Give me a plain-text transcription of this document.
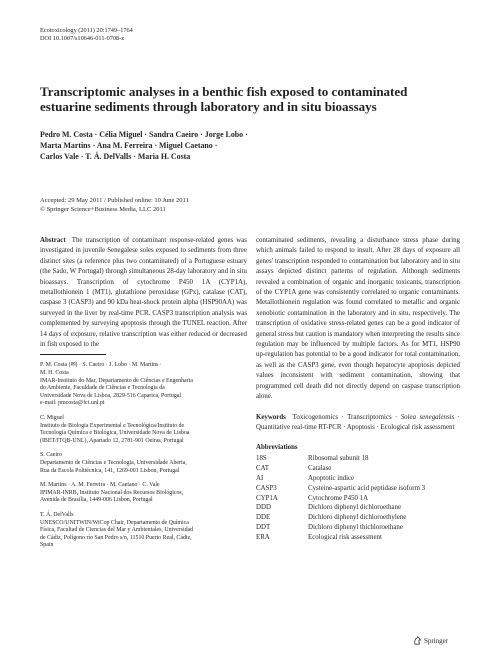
Ecotoxicology (2011) 20:1749–1764
DOI 10.1007/s10646-011-0708-z
Transcriptomic analyses in a benthic fish exposed to contaminated
estuarine sediments through laboratory and in situ bioassays
Pedro M. Costa · Célia Miguel · Sandra Caeiro · Jorge Lobo ·
Marta Martins · Ana M. Ferreira · Miguel Caetano ·
Carlos Vale · T. Á. DelValls · Maria H. Costa
Accepted: 29 May 2011 / Published online: 10 June 2011
© Springer Science+Business Media, LLC 2011

Abstract The transcription of contaminant response-related genes was investigated in juvenile Senegalese soles exposed to sediments from three distinct sites (a reference plus two contaminated) of a Portuguese estuary (the Sado, W Portugal) through simultaneous 28-day laboratory and in situ bioassays. Transcription of cytochrome P450 1A (CYP1A), metallothionein 1 (MT1), glutathione peroxidase (GPx), catalase (CAT), caspase 3 (CASP3) and 90 kDa heat-shock protein alpha (HSP90AA) was surveyed in the liver by real-time PCR. CASP3 transcription analysis was complemented by surveying apoptosis through the TUNEL reaction. After 14 days of exposure, relative transcription was either reduced or decreased in fish exposed to the

P. M. Costa (✉) · S. Caeiro · J. Lobo · M. Martins ·
M. H. Costa
IMAR-Instituto do Mar, Departamento de Ciências e Engenharia
do Ambiente, Faculdade de Ciências e Tecnologia da
Universidade Nova de Lisboa, 2829-516 Caparica, Portugal
e-mail: pmcosta@fct.unl.pt
C. Miguel
Instituto de Biologia Experimental e Tecnológica/Instituto de
Tecnologia Química e Biológica, Universidade Nova de Lisboa
(IBET/ITQB-UNL), Apartado 12, 2781-901 Oeiras, Portugal
S. Caeiro
Departamento de Ciências e Tecnologia, Universidade Aberta,
Rua da Escola Politécnica, 141, 1269-001 Lisbon, Portugal
M. Martins · A. M. Ferreira · M. Caetano · C. Vale
IPIMAR-INRB, Instituto Nacional dos Recursos Biológicos,
Avenida de Brasília, 1449-006 Lisbon, Portugal
T. Á. DelValls
UNESCO/UNITWIN/WiCop Chair, Departamento de Química
Física, Facultad de Ciencias del Mar y Ambientales, Universidad
de Cádiz, Polígono río San Pedro s/n, 11510 Puerto Real, Cádiz,
Spain

contaminated sediments, revealing a disturbance stress phase during which animals failed to respond to insult. After 28 days of exposure all genes' transcription responded to contamination but laboratory and in situ assays depicted distinct patterns of regulation. Although sediments revealed a combination of organic and inorganic toxicants, transcription of the CYP1A gene was consistently correlated to organic contaminants. Metallothionein regulation was found correlated to metallic and organic xenobiotic contamination in the laboratory and in situ, respectively. The transcription of oxidative stress-related genes can be a good indicator of general stress but caution is mandatory when interpreting the results since regulation may be influenced by multiple factors. As for MT1, HSP90 up-regulation has potential to be a good indicator for total contamination, as well as the CASP3 gene, even though hepatocyte apoptosis depicted values inconsistent with sediment contamination, showing that programmed cell death did not directly depend on caspase transcription alone.

Keywords Toxicogenomics · Transcriptomics · Solea senegalensis · Quantitative real-time RT-PCR · Apoptosis · Ecological risk assessment

Abbreviations
18S	Ribosomal subunit 18
CAT	Catalase
AI	Apoptotic indice
CASP3	Cysteine-aspartic acid peptidase isoform 3
CYP1A	Cytochrome P450 1A
DDD	Dichloro diphenyl dichloroethane
DDE	Dichloro diphenyl dichloroethylene
DDT	Dichloro diphenyl thichloroethane
ERA	Ecological risk assessment
Springer
